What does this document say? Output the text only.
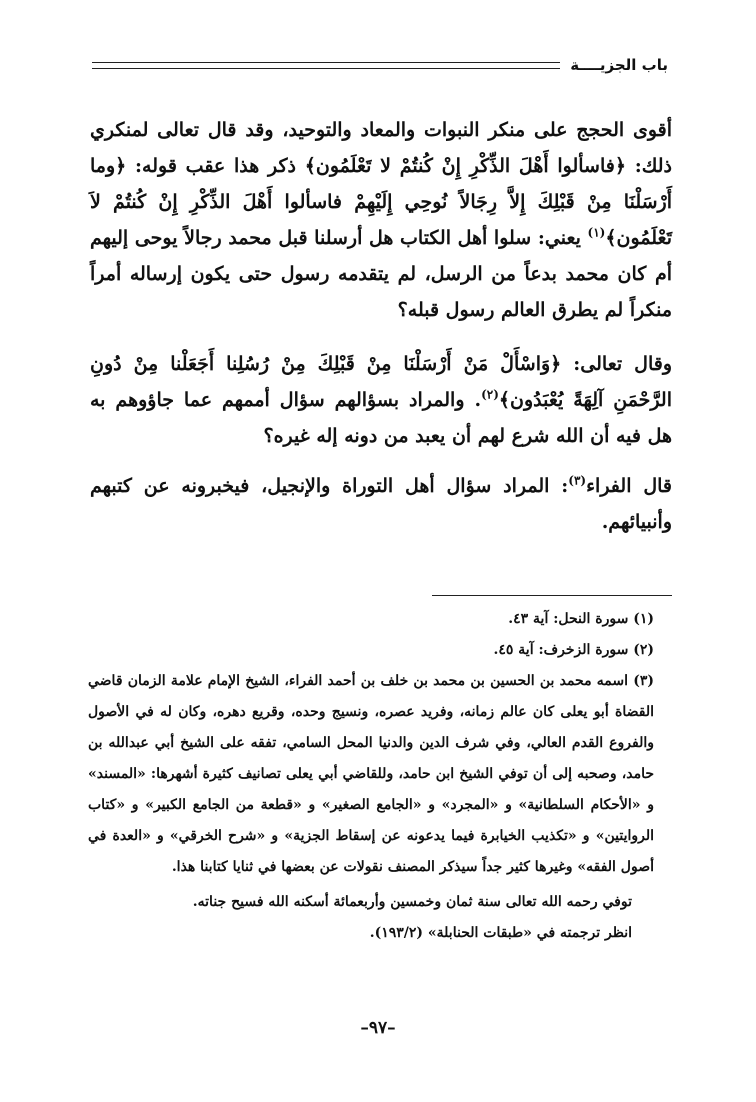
باب الجزيــــة

أقوى الحجج على منكر النبوات والمعاد والتوحيد، وقد قال تعالى لمنكري ذلك: ﴿فاسألوا أَهْلَ الذِّكْرِ إِنْ كُنتُمْ لا تَعْلَمُون﴾ ذكر هذا عقب قوله: ﴿وما أَرْسَلْنَا مِنْ قَبْلِكَ إِلاَّ رِجَالاً نُوحِي إِلَيْهِمْ فاسألوا أَهْلَ الذِّكْرِ إِنْ كُنتُمْ لاَ تَعْلَمُون﴾$^{(١)}$ يعني: سلوا أهل الكتاب هل أرسلنا قبل محمد رجالاً يوحى إليهم أم كان محمد بدعاً من الرسل، لم يتقدمه رسول حتى يكون إرساله أمراً منكراً لم يطرق العالم رسول قبله؟

وقال تعالى: ﴿وَاسْأَلْ مَنْ أَرْسَلْنَا مِنْ قَبْلِكَ مِنْ رُسُلِنا أَجَعَلْنا مِنْ دُونِ الرَّحْمَنِ آلِهَةً يُعْبَدُون﴾$^{(٢)}$. والمراد بسؤالهم سؤال أممهم عما جاؤوهم به هل فيه أن الله شرع لهم أن يعبد من دونه إله غيره؟

قال الفراء$^{(٣)}$: المراد سؤال أهل التوراة والإنجيل، فيخبرونه عن كتبهم وأنبيائهم.

(١) سورة النحل: آية ٤٣.

(٢) سورة الزخرف: آية ٤٥.

(٣) اسمه محمد بن الحسين بن محمد بن خلف بن أحمد الفراء، الشيخ الإمام علامة الزمان قاضي القضاة أبو يعلى كان عالم زمانه، وفريد عصره، ونسيج وحده، وقريع دهره، وكان له في الأصول والفروع القدم العالي، وفي شرف الدين والدنيا المحل السامي، تفقه على الشيخ أبي عبدالله بن حامد، وصحبه إلى أن توفي الشيخ ابن حامد، وللقاضي أبي يعلى تصانيف كثيرة أشهرها: «المسند» و «الأحكام السلطانية» و «المجرد» و «الجامع الصغير» و «قطعة من الجامع الكبير» و «كتاب الروايتين» و «تكذيب الخيابرة فيما يدعونه عن إسقاط الجزية» و «شرح الخرقي» و «العدة في أصول الفقه» وغيرها كثير جداً سيذكر المصنف نقولات عن بعضها في ثنايا كتابنا هذا.

توفي رحمه الله تعالى سنة ثمان وخمسين وأربعمائة أسكنه الله فسيح جناته.

انظر ترجمته في «طبقات الحنابلة» (١٩٣/٢).

–٩٧–
